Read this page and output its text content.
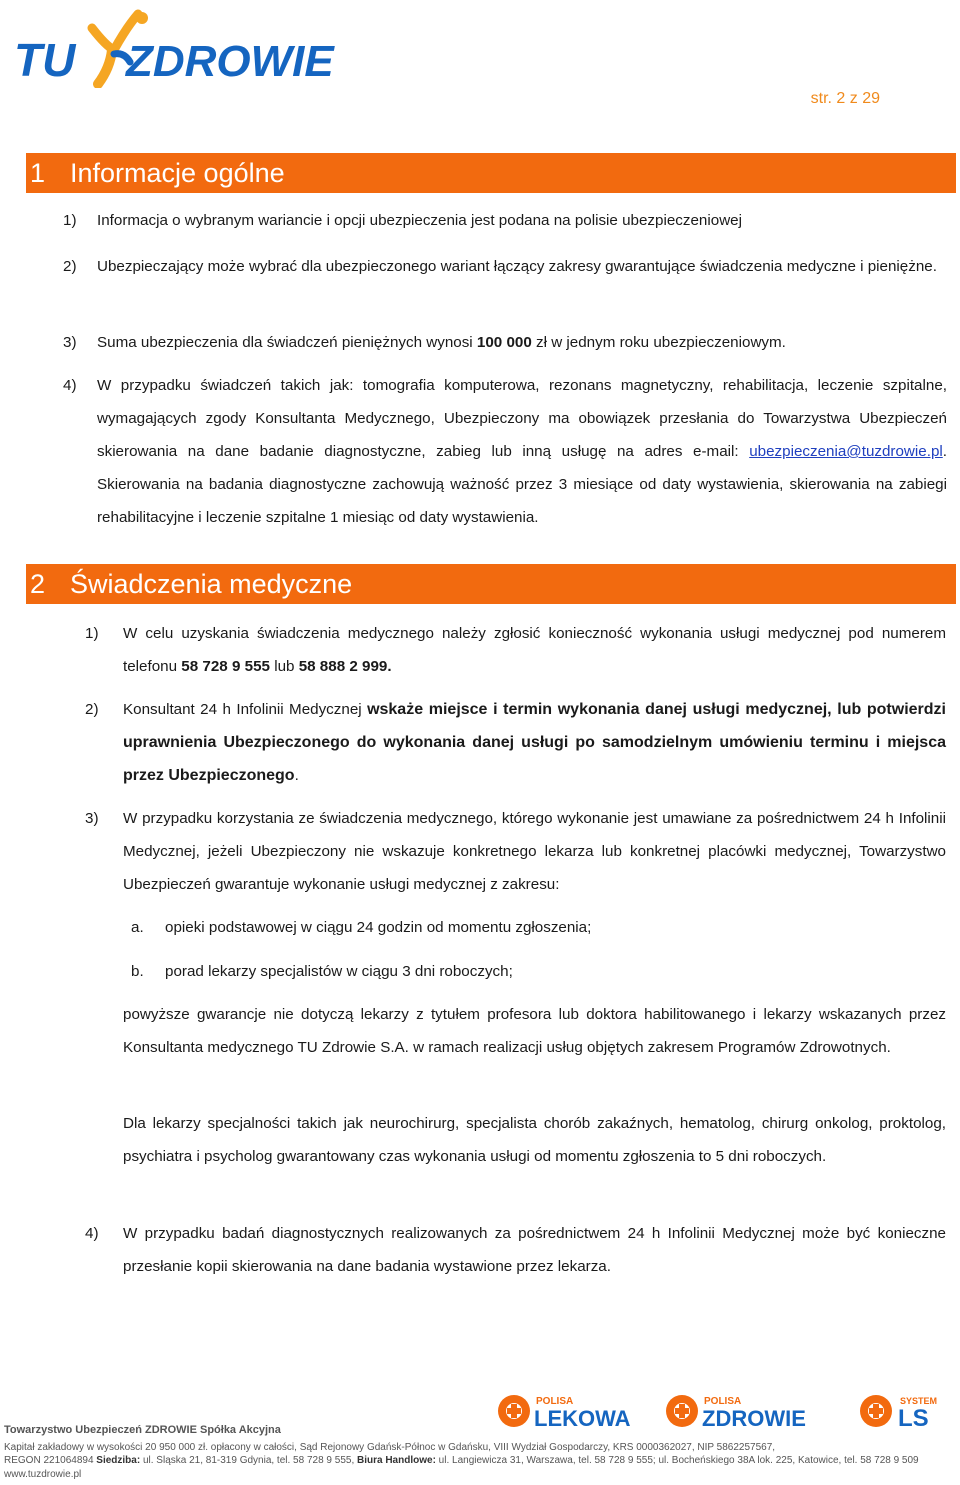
TU ZDROWIE
str. 2 z 29
1 Informacje ogólne
1) Informacja o wybranym wariancie i opcji ubezpieczenia jest podana na polisie ubezpieczeniowej
2) Ubezpieczający może wybrać dla ubezpieczonego wariant łączący zakresy gwarantujące świadczenia medyczne i pieniężne.
3) Suma ubezpieczenia dla świadczeń pieniężnych wynosi 100 000 zł w jednym roku ubezpieczeniowym.
4) W przypadku świadczeń takich jak: tomografia komputerowa, rezonans magnetyczny, rehabilitacja, leczenie szpitalne, wymagających zgody Konsultanta Medycznego, Ubezpieczony ma obowiązek przesłania do Towarzystwa Ubezpieczeń skierowania na dane badanie diagnostyczne, zabieg lub inną usługę na adres e-mail: ubezpieczenia@tuzdrowie.pl. Skierowania na badania diagnostyczne zachowują ważność przez 3 miesiące od daty wystawienia, skierowania na zabiegi rehabilitacyjne i leczenie szpitalne 1 miesiąc od daty wystawienia.
2 Świadczenia medyczne
1) W celu uzyskania świadczenia medycznego należy zgłosić konieczność wykonania usługi medycznej pod numerem telefonu 58 728 9 555 lub 58 888 2 999.
2) Konsultant 24 h Infolinii Medycznej wskaże miejsce i termin wykonania danej usługi medycznej, lub potwierdzi uprawnienia Ubezpieczonego do wykonania danej usługi po samodzielnym umówieniu terminu i miejsca przez Ubezpieczonego.
3) W przypadku korzystania ze świadczenia medycznego, którego wykonanie jest umawiane za pośrednictwem 24 h Infolinii Medycznej, jeżeli Ubezpieczony nie wskazuje konkretnego lekarza lub konkretnej placówki medycznej, Towarzystwo Ubezpieczeń gwarantuje wykonanie usługi medycznej z zakresu:
a. opieki podstawowej w ciągu 24 godzin od momentu zgłoszenia;
b. porad lekarzy specjalistów w ciągu 3 dni roboczych;
powyższe gwarancje nie dotyczą lekarzy z tytułem profesora lub doktora habilitowanego i lekarzy wskazanych przez Konsultanta medycznego TU Zdrowie S.A. w ramach realizacji usług objętych zakresem Programów Zdrowotnych.
Dla lekarzy specjalności takich jak neurochirurg, specjalista chorób zakaźnych, hematolog, chirurg onkolog, proktolog, psychiatra i psycholog gwarantowany czas wykonania usługi od momentu zgłoszenia to 5 dni roboczych.
4) W przypadku badań diagnostycznych realizowanych za pośrednictwem 24 h Infolinii Medycznej może być konieczne przesłanie kopii skierowania na dane badania wystawione przez lekarza.
POLISA
LEKOWA
POLISA
ZDROWIE
SYSTEM
LS
Towarzystwo Ubezpieczeń ZDROWIE Spółka Akcyjna
Kapitał zakładowy w wysokości 20 950 000 zł. opłacony w całości, Sąd Rejonowy Gdańsk-Północ w Gdańsku, VIII Wydział Gospodarczy, KRS 0000362027, NIP 5862257567,
REGON 221064894 Siedziba: ul. Śląska 21, 81-319 Gdynia, tel. 58 728 9 555, Biura Handlowe: ul. Langiewicza 31, Warszawa, tel. 58 728 9 555; ul. Bocheńskiego 38A lok. 225, Katowice, tel. 58 728 9 509
www.tuzdrowie.pl
